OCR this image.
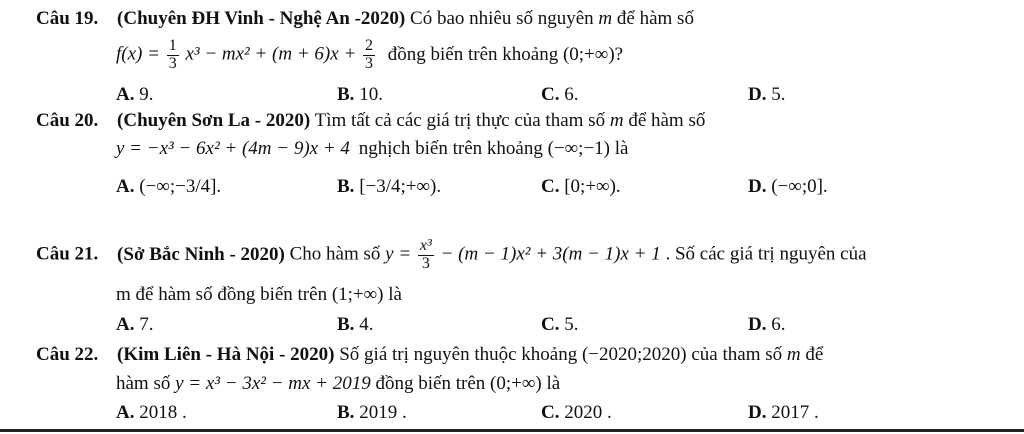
Câu 19. (Chuyên ĐH Vinh - Nghệ An -2020) Có bao nhiêu số nguyên m để hàm số
$f(x) = \frac{1}{3} x^3 - mx^2 + (m + 6)x + \frac{2}{3}$ đồng biến trên khoảng (0;+∞)?
A. 9.	B. 10.	C. 6.	D. 5.
Câu 20. (Chuyên Sơn La - 2020) Tìm tất cả các giá trị thực của tham số m để hàm số
y = −x³ − 6x² + (4m − 9)x + 4 nghịch biến trên khoảng (−∞;−1) là
A. (−∞;−3/4].	B. [−3/4;+∞).	C. [0;+∞).	D. (−∞;0].
Câu 21. (Sở Bắc Ninh - 2020) Cho hàm số $y = \frac{\text{x³}}{3} - (m - 1)x^2 + 3(m - 1)x + 1$ . Số các giá trị nguyên của
m để hàm số đồng biến trên (1;+∞) là
A. 7.	B. 4.	C. 5.	D. 6.
Câu 22. (Kim Liên - Hà Nội - 2020) Số giá trị nguyên thuộc khoảng (−2020;2020) của tham số m để
hàm số y = x³ − 3x² − mx + 2019 đồng biến trên (0;+∞) là
A. 2018 .	B. 2019 .	C. 2020 .	D. 2017 .
